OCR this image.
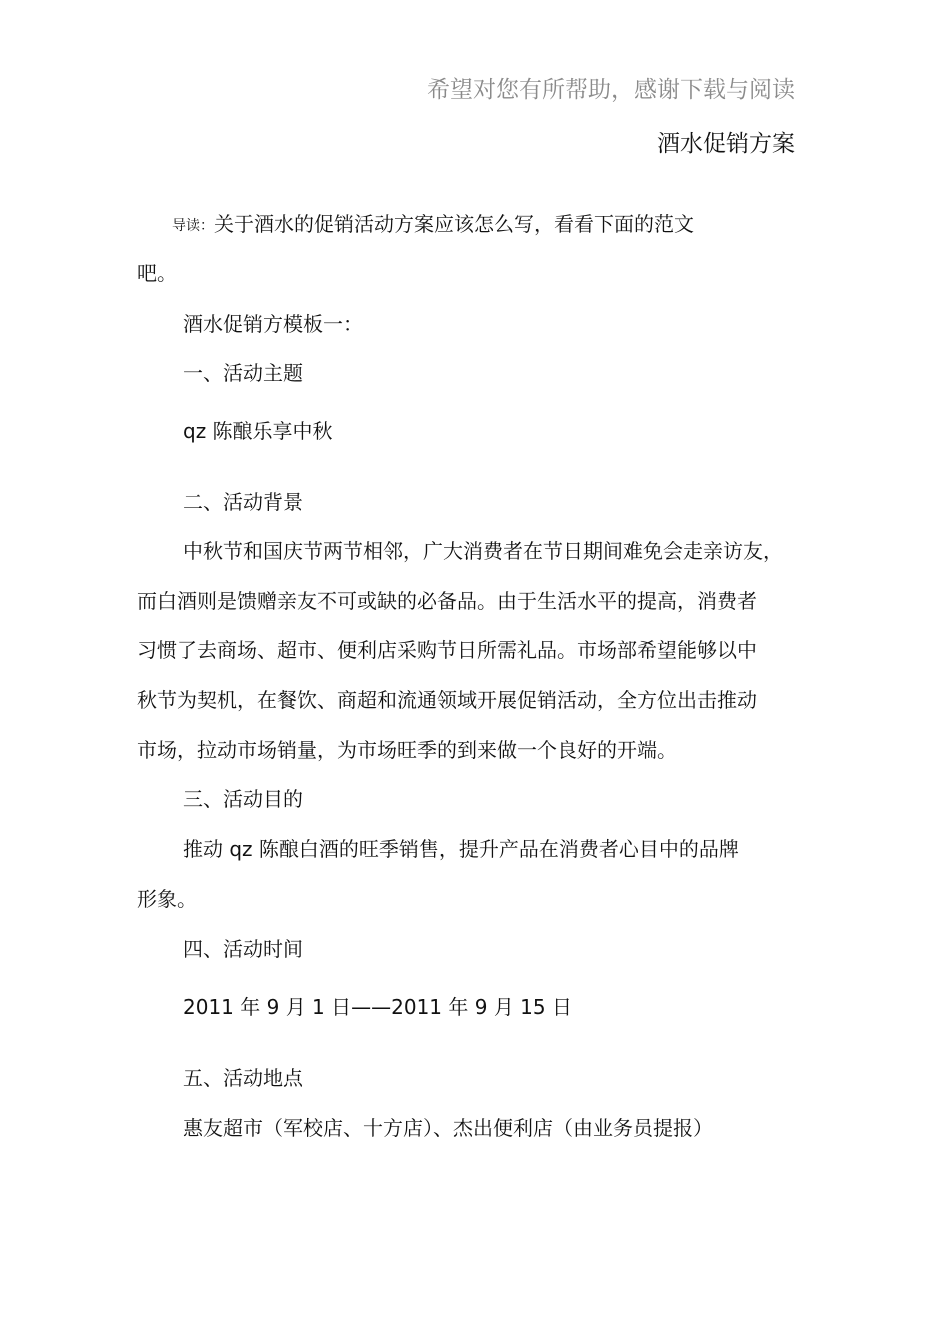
希望对您有所帮助，感谢下载与阅读
酒水促销方案
导读：关于酒水的促销活动方案应该怎么写，看看下面的范文
吧。
酒水促销方模板一：
一、活动主题
qz 陈酿乐享中秋
二、活动背景
中秋节和国庆节两节相邻，广大消费者在节日期间难免会走亲访友，
而白酒则是馈赠亲友不可或缺的必备品。由于生活水平的提高，消费者
习惯了去商场、超市、便利店采购节日所需礼品。市场部希望能够以中
秋节为契机，在餐饮、商超和流通领域开展促销活动，全方位出击推动
市场，拉动市场销量，为市场旺季的到来做一个良好的开端。
三、活动目的
推动 qz 陈酿白酒的旺季销售，提升产品在消费者心目中的品牌
形象。
四、活动时间
2011 年 9 月 1 日——2011 年 9 月 15 日
五、活动地点
惠友超市（军校店、十方店）、杰出便利店（由业务员提报）
